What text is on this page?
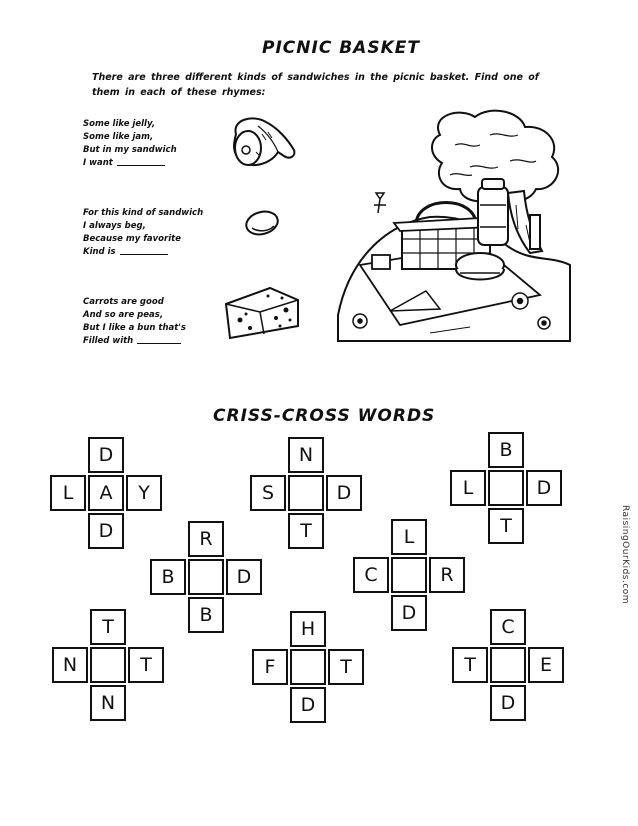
PICNIC BASKET
There are three different kinds of sandwiches in the picnic basket. Find one of them in each of these rhymes:
Some like jelly,
Some like jam,
But in my sandwich
I want
For this kind of sandwich
I always beg,
Because my favorite
Kind is
Carrots are good
And so are peas,
But I like a bun that's
Filled with
CRISS-CROSS WORDS
D
L	A	Y
D
N
S	D
T
B
L	D
T
R
B	D
B
L
C	R
D
T
N	T
N
H
F	T
D
C
T	E
D
RaisingOurKids.com
